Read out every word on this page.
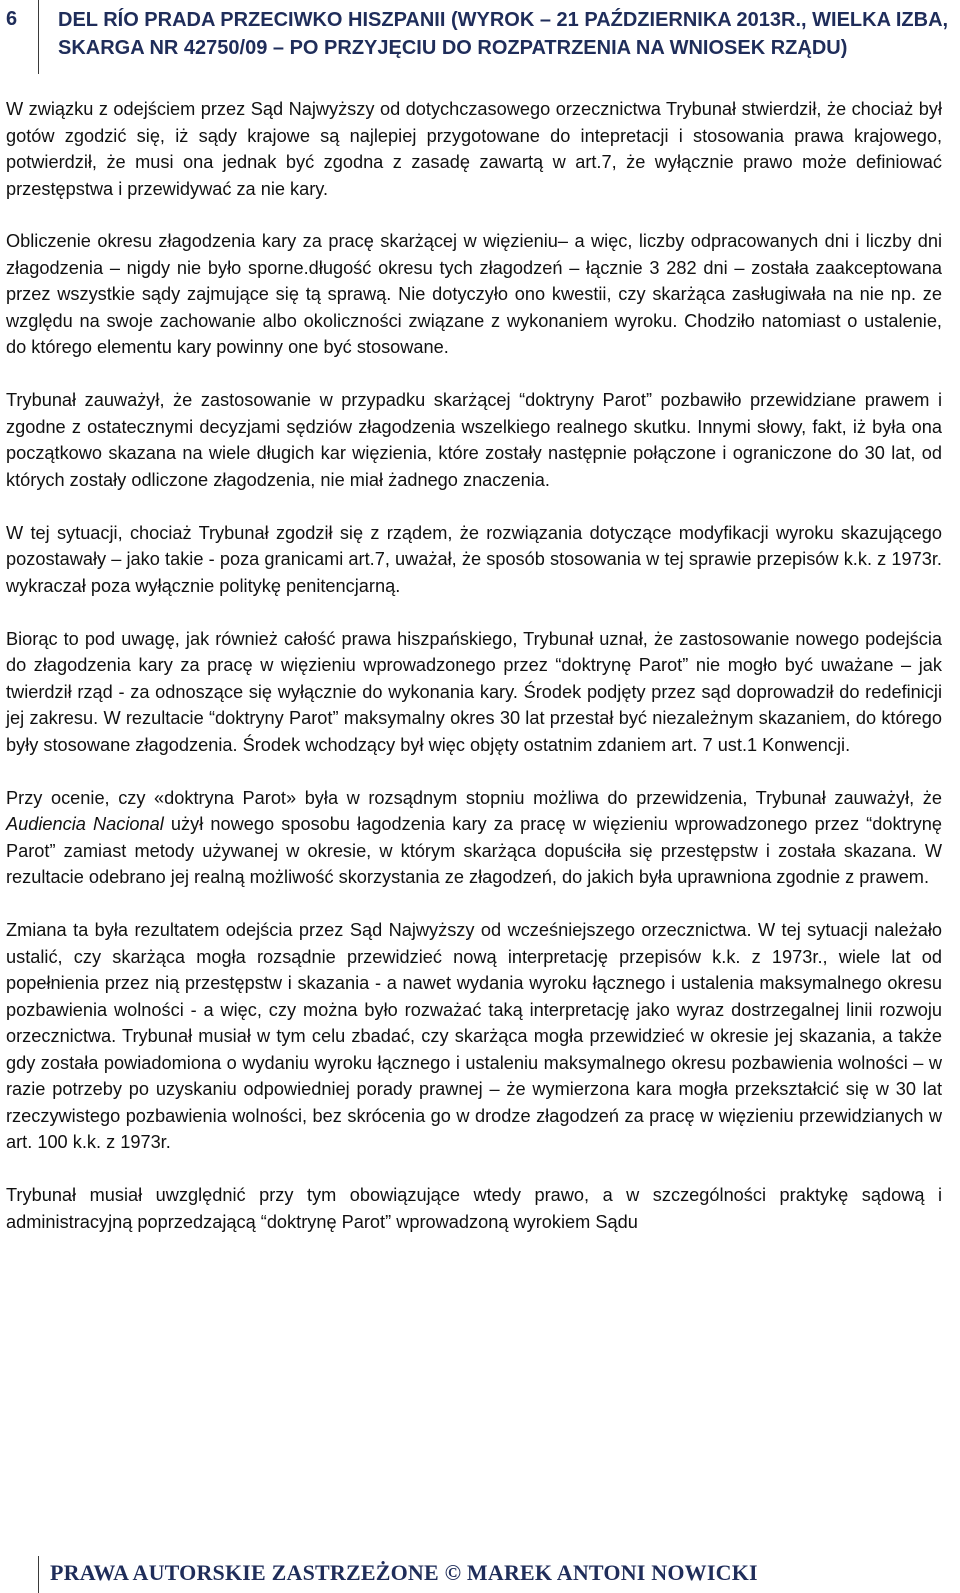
6 DEL RÍO PRADA PRZECIWKO HISZPANII (WYROK – 21 PAŹDZIERNIKA 2013R., WIELKA IZBA, SKARGA NR 42750/09 – PO PRZYJĘCIU DO ROZPATRZENIA NA WNIOSEK RZĄDU)

W związku z odejściem przez Sąd Najwyższy od dotychczasowego orzecznictwa Trybunał stwierdził, że chociaż był gotów zgodzić się, iż sądy krajowe są najlepiej przygotowane do intepretacji i stosowania prawa krajowego, potwierdził, że musi ona jednak być zgodna z zasadę zawartą w art.7, że wyłącznie prawo może definiować przestępstwa i przewidywać za nie kary.

Obliczenie okresu złagodzenia kary za pracę skarżącej w więzieniu– a więc, liczby odpracowanych dni i liczby dni złagodzenia – nigdy nie było sporne.długość okresu tych złagodzeń – łącznie 3 282 dni – została zaakceptowana przez wszystkie sądy zajmujące się tą sprawą. Nie dotyczyło ono kwestii, czy skarżąca zasługiwała na nie np. ze względu na swoje zachowanie albo okoliczności związane z wykonaniem wyroku. Chodziło natomiast o ustalenie, do którego elementu kary powinny one być stosowane.

Trybunał zauważył, że zastosowanie w przypadku skarżącej “doktryny Parot” pozbawiło przewidziane prawem i zgodne z ostatecznymi decyzjami sędziów złagodzenia wszelkiego realnego skutku. Innymi słowy, fakt, iż była ona początkowo skazana na wiele długich kar więzienia, które zostały następnie połączone i ograniczone do 30 lat, od których zostały odliczone złagodzenia, nie miał żadnego znaczenia.

W tej sytuacji, chociaż Trybunał zgodził się z rządem, że rozwiązania dotyczące modyfikacji wyroku skazującego pozostawały – jako takie - poza granicami art.7, uważał, że sposób stosowania w tej sprawie przepisów k.k. z 1973r. wykraczał poza wyłącznie politykę penitencjarną.

Biorąc to pod uwagę, jak również całość prawa hiszpańskiego, Trybunał uznał, że zastosowanie nowego podejścia do złagodzenia kary za pracę w więzieniu wprowadzonego przez “doktrynę Parot” nie mogło być uważane – jak twierdził rząd - za odnoszące się wyłącznie do wykonania kary. Środek podjęty przez sąd doprowadził do redefinicji jej zakresu. W rezultacie “doktryny Parot” maksymalny okres 30 lat przestał być niezależnym skazaniem, do którego były stosowane złagodzenia. Środek wchodzący był więc objęty ostatnim zdaniem art. 7 ust.1 Konwencji.

Przy ocenie, czy «doktryna Parot» była w rozsądnym stopniu możliwa do przewidzenia, Trybunał zauważył, że Audiencia Nacional użył nowego sposobu łagodzenia kary za pracę w więzieniu wprowadzonego przez “doktrynę Parot” zamiast metody używanej w okresie, w którym skarżąca dopuściła się przestępstw i została skazana. W rezultacie odebrano jej realną możliwość skorzystania ze złagodzeń, do jakich była uprawniona zgodnie z prawem.

Zmiana ta była rezultatem odejścia przez Sąd Najwyższy od wcześniejszego orzecznictwa. W tej sytuacji należało ustalić, czy skarżąca mogła rozsądnie przewidzieć nową interpretację przepisów k.k. z 1973r., wiele lat od popełnienia przez nią przestępstw i skazania - a nawet wydania wyroku łącznego i ustalenia maksymalnego okresu pozbawienia wolności - a więc, czy można było rozważać taką interpretację jako wyraz dostrzegalnej linii rozwoju orzecznictwa. Trybunał musiał w tym celu zbadać, czy skarżąca mogła przewidzieć w okresie jej skazania, a także gdy została powiadomiona o wydaniu wyroku łącznego i ustaleniu maksymalnego okresu pozbawienia wolności – w razie potrzeby po uzyskaniu odpowiedniej porady prawnej – że wymierzona kara mogła przekształcić się w 30 lat rzeczywistego pozbawienia wolności, bez skrócenia go w drodze złagodzeń za pracę w więzieniu przewidzianych w art. 100 k.k. z 1973r.

Trybunał musiał uwzględnić przy tym obowiązujące wtedy prawo, a w szczególności praktykę sądową i administracyjną poprzedzającą “doktrynę Parot” wprowadzoną wyrokiem Sądu

PRAWA AUTORSKIE ZASTRZEŻONE © MAREK ANTONI NOWICKI
